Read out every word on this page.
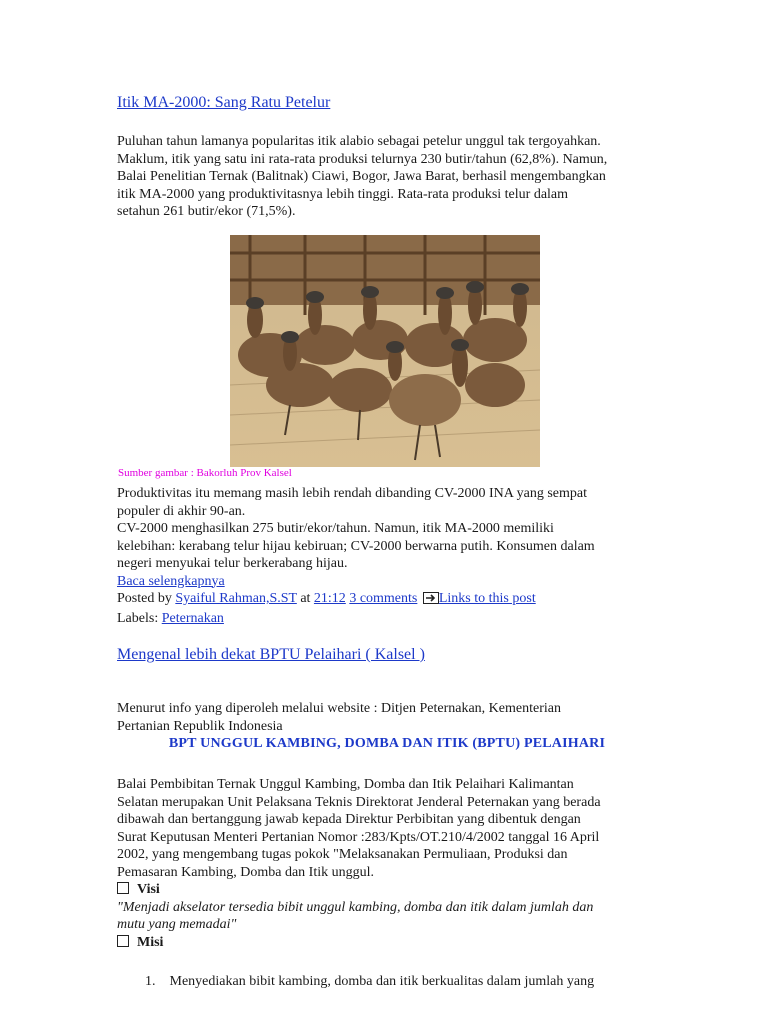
Itik MA-2000: Sang Ratu Petelur
Puluhan tahun lamanya popularitas itik alabio sebagai petelur unggul tak tergoyahkan.
Maklum, itik yang satu ini rata-rata produksi telurnya 230 butir/tahun (62,8%). Namun,
Balai Penelitian Ternak (Balitnak) Ciawi, Bogor, Jawa Barat, berhasil mengembangkan
itik MA-2000 yang produktivitasnya lebih tinggi. Rata-rata produksi telur dalam
setahun 261 butir/ekor (71,5%).
Sumber gambar : Bakorluh Prov Kalsel
Produktivitas itu memang masih lebih rendah dibanding CV-2000 INA yang sempat
populer di akhir 90-an.
CV-2000 menghasilkan 275 butir/ekor/tahun. Namun, itik MA-2000 memiliki
kelebihan: kerabang telur hijau kebiruan; CV-2000 berwarna putih. Konsumen dalam
negeri menyukai telur berkerabang hijau.
Baca selengkapnya
Posted by Syaiful Rahman,S.ST at 21:12 3 comments Links to this post
Labels: Peternakan
Mengenal lebih dekat BPTU Pelaihari ( Kalsel )
Menurut info yang diperoleh melalui website : Ditjen Peternakan, Kementerian
Pertanian Republik Indonesia
BPT UNGGUL KAMBING, DOMBA DAN ITIK (BPTU) PELAIHARI
Balai Pembibitan Ternak Unggul Kambing, Domba dan Itik Pelaihari Kalimantan
Selatan merupakan Unit Pelaksana Teknis Direktorat Jenderal Peternakan yang berada
dibawah dan bertanggung jawab kepada Direktur Perbibitan yang dibentuk dengan
Surat Keputusan Menteri Pertanian Nomor :283/Kpts/OT.210/4/2002 tanggal 16 April
2002, yang mengembang tugas pokok "Melaksanakan Permuliaan, Produksi dan
Pemasaran Kambing, Domba dan Itik unggul.
Visi
"Menjadi akselator tersedia bibit unggul kambing, domba dan itik dalam jumlah dan
mutu yang memadai"
Misi
1. Menyediakan bibit kambing, domba dan itik berkualitas dalam jumlah yang
